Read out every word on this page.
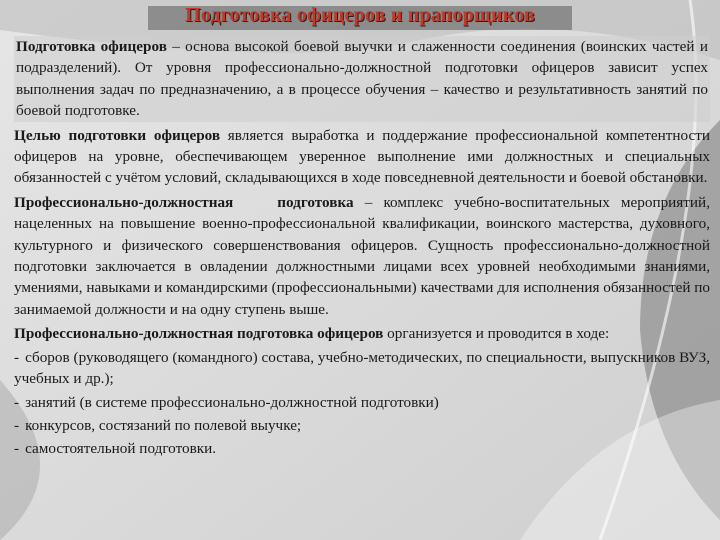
Подготовка офицеров и прапорщиков

Подготовка офицеров – основа высокой боевой выучки и слаженности соединения (воинских частей и подразделений). От уровня профессионально-должностной подготовки офицеров зависит успех выполнения задач по предназначению, а в процессе обучения – качество и результативность занятий по боевой подготовке.

Целью подготовки офицеров является выработка и поддержание профессиональной компетентности офицеров на уровне, обеспечивающем уверенное выполнение ими должностных и специальных обязанностей с учётом условий, складывающихся в ходе повседневной деятельности и боевой обстановки.

Профессионально-должностная	подготовка – комплекс учебно-воспитательных мероприятий, нацеленных на повышение военно-профессиональной квалификации, воинского мастерства, духовного, культурного и физического совершенствования офицеров. Сущность профессионально-должностной подготовки заключается в овладении должностными лицами всех уровней необходимыми знаниями, умениями, навыками и командирскими (профессиональными) качествами для исполнения обязанностей по занимаемой должности и на одну ступень выше.

Профессионально-должностная подготовка офицеров организуется и проводится в ходе:

- сборов (руководящего (командного) состава, учебно-методических, по специальности, выпускников ВУЗ, учебных и др.);

- занятий (в системе профессионально-должностной подготовки)

- конкурсов, состязаний по полевой выучке;

- самостоятельной подготовки.
